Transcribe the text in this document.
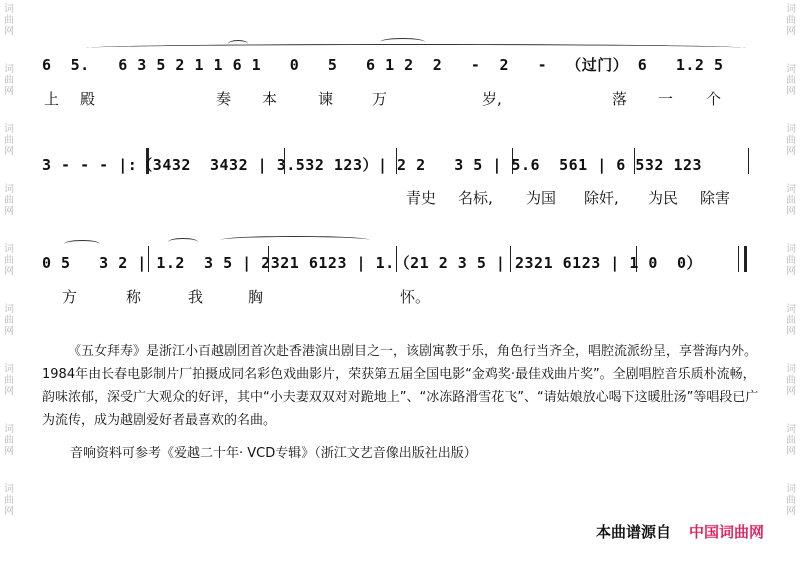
词
曲
网
词
曲
网
词
曲
网
词
曲
网
词
曲
网
词
曲
网
词
曲
网
词
曲
网
词
曲
网
词
曲
网
词
曲
网
词
曲
网
词
曲
网
词
曲
网
词
曲
网
词
曲
网
词
曲
网
词
曲
网
6  5.   6 3 5 2 1 1 6 1   0   5   6 1 2  2   -  2   -  （过门） 6   1.2 5
上 殿	奏 本	谏	万	岁,	落 一 个
3 - - - |:（3432  3432 | 3.532 123）| 2 2   3 5 | 5.6  561 | 6 532 123
青史 名标, 为国 除奸, 为民 除害
0 5   3 2 | 1.2  3 5 | 2321 6123 | 1.（21 2 3 5 | 2321 6123 | 1 0  0）
方	称	我	胸	怀。
《五女拜寿》是浙江小百越剧团首次赴香港演出剧目之一，该剧寓教于乐，角色行当齐全，唱腔流派纷呈，享誉海内外。1984年由长春电影制片厂拍摄成同名彩色戏曲影片，荣获第五届全国电影“金鸡奖·最佳戏曲片奖”。全剧唱腔音乐质朴流畅，韵味浓郁，深受广大观众的好评，其中“小夫妻双双对对跪地上”、“冰冻路滑雪花飞”、“请姑娘放心喝下这暖肚汤”等唱段已广为流传，成为越剧爱好者最喜欢的名曲。
音响资料可参考《爱越二十年· VCD专辑》（浙江文艺音像出版社出版）
本曲谱源自 中国词曲网
